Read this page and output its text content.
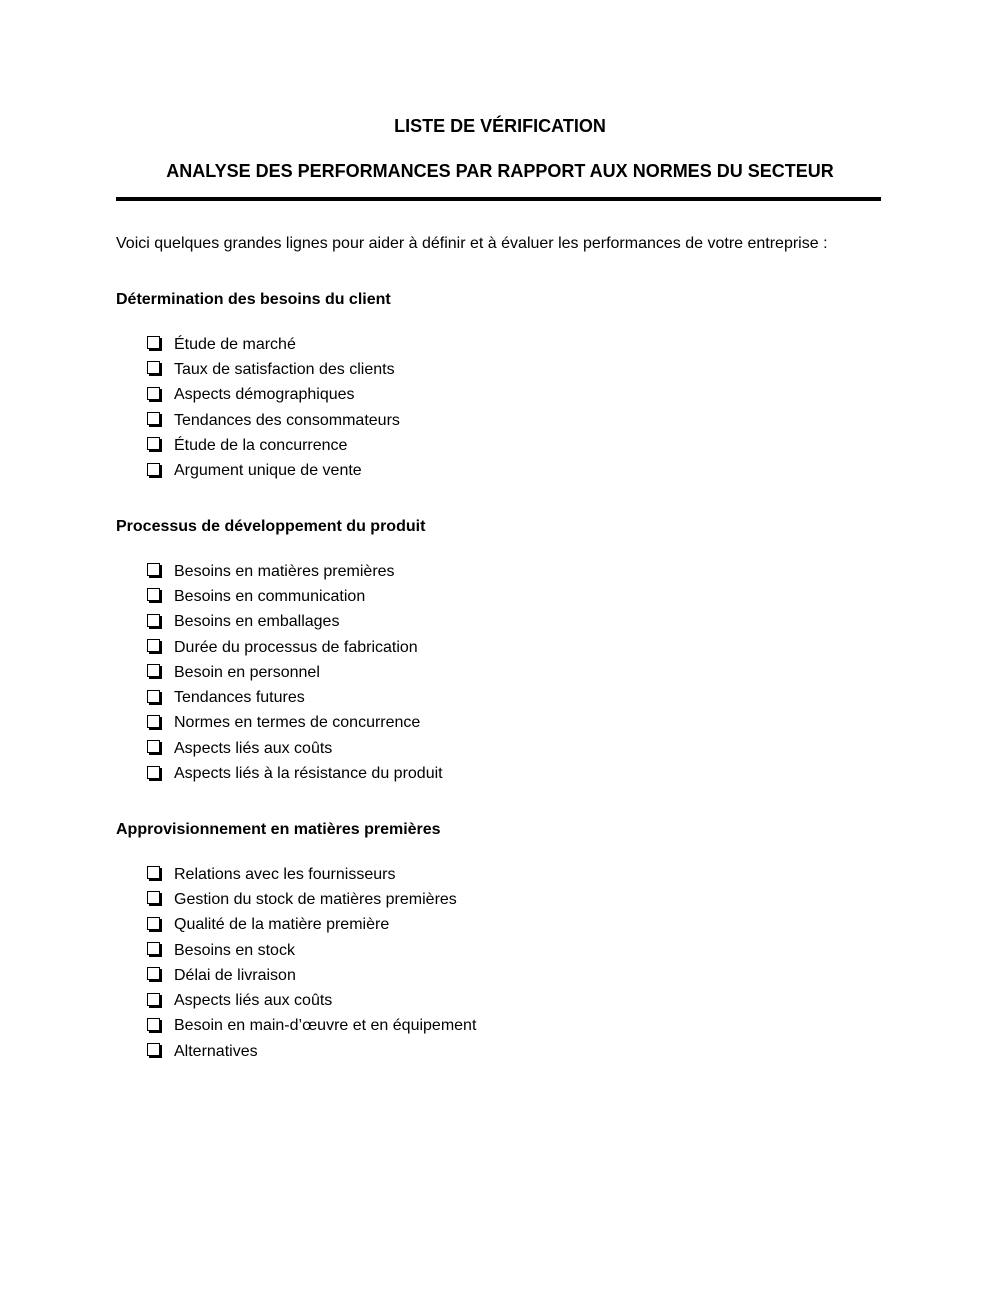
LISTE DE VÉRIFICATION
ANALYSE DES PERFORMANCES PAR RAPPORT AUX NORMES DU SECTEUR

Voici quelques grandes lignes pour aider à définir et à évaluer les performances de votre entreprise :

Détermination des besoins du client
Étude de marché
Taux de satisfaction des clients
Aspects démographiques
Tendances des consommateurs
Étude de la concurrence
Argument unique de vente
Processus de développement du produit
Besoins en matières premières
Besoins en communication
Besoins en emballages
Durée du processus de fabrication
Besoin en personnel
Tendances futures
Normes en termes de concurrence
Aspects liés aux coûts
Aspects liés à la résistance du produit
Approvisionnement en matières premières
Relations avec les fournisseurs
Gestion du stock de matières premières
Qualité de la matière première
Besoins en stock
Délai de livraison
Aspects liés aux coûts
Besoin en main-d’œuvre et en équipement
Alternatives
